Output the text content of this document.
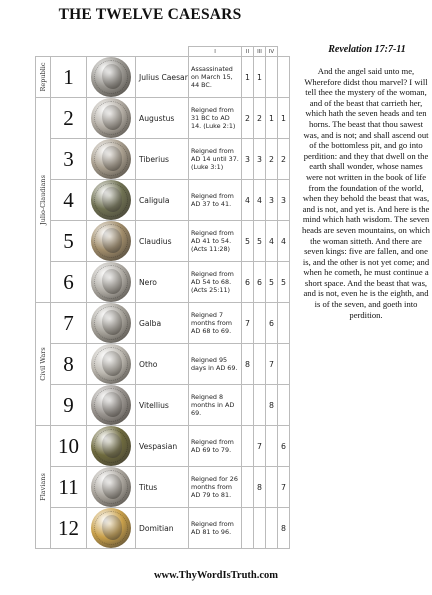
THE TWELVE CAESARS
				I	II	III	IV	

Republic	1		Julius Caesar	Assassinated on March 15, 44 BC.	1	1		

Julio-Claudians	2		Augustus	Reigned from 31 BC to AD 14. (Luke 2:1)	2	2	1	1
	3		Tiberius	Reigned from AD 14 until 37. (Luke 3:1)	3	3	2	2
	4		Caligula	Reigned from AD 37 to 41.	4	4	3	3
	5		Claudius	Reigned from AD 41 to 54. (Acts 11:28)	5	5	4	4
	6		Nero	Reigned from AD 54 to 68. (Acts 25:11)	6	6	5	5

Civil Wars	7		Galba	Reigned 7 months from AD 68 to 69.	7		6	
	8		Otho	Reigned 95 days in AD 69.	8		7	
	9		Vitellius	Reigned 8 months in AD 69.			8	

Flavians	10		Vespasian	Reigned from AD 69 to 79.		7		6
	11		Titus	Reigned for 26 months from AD 79 to 81.		8		7
	12		Domitian	Reigned from AD 81 to 96.				8
Revelation 17:7-11
And the angel said unto me, Wherefore didst thou marvel? I will tell thee the mystery of the woman, and of the beast that carrieth her, which hath the seven heads and ten horns. The beast that thou sawest was, and is not; and shall ascend out of the bottomless pit, and go into perdition: and they that dwell on the earth shall wonder, whose names were not written in the book of life from the foundation of the world, when they behold the beast that was, and is not, and yet is. And here is the mind which hath wisdom. The seven heads are seven mountains, on which the woman sitteth. And there are seven kings: five are fallen, and one is, and the other is not yet come; and when he cometh, he must continue a short space. And the beast that was, and is not, even he is the eighth, and is of the seven, and goeth into perdition.
www.ThyWordIsTruth.com
